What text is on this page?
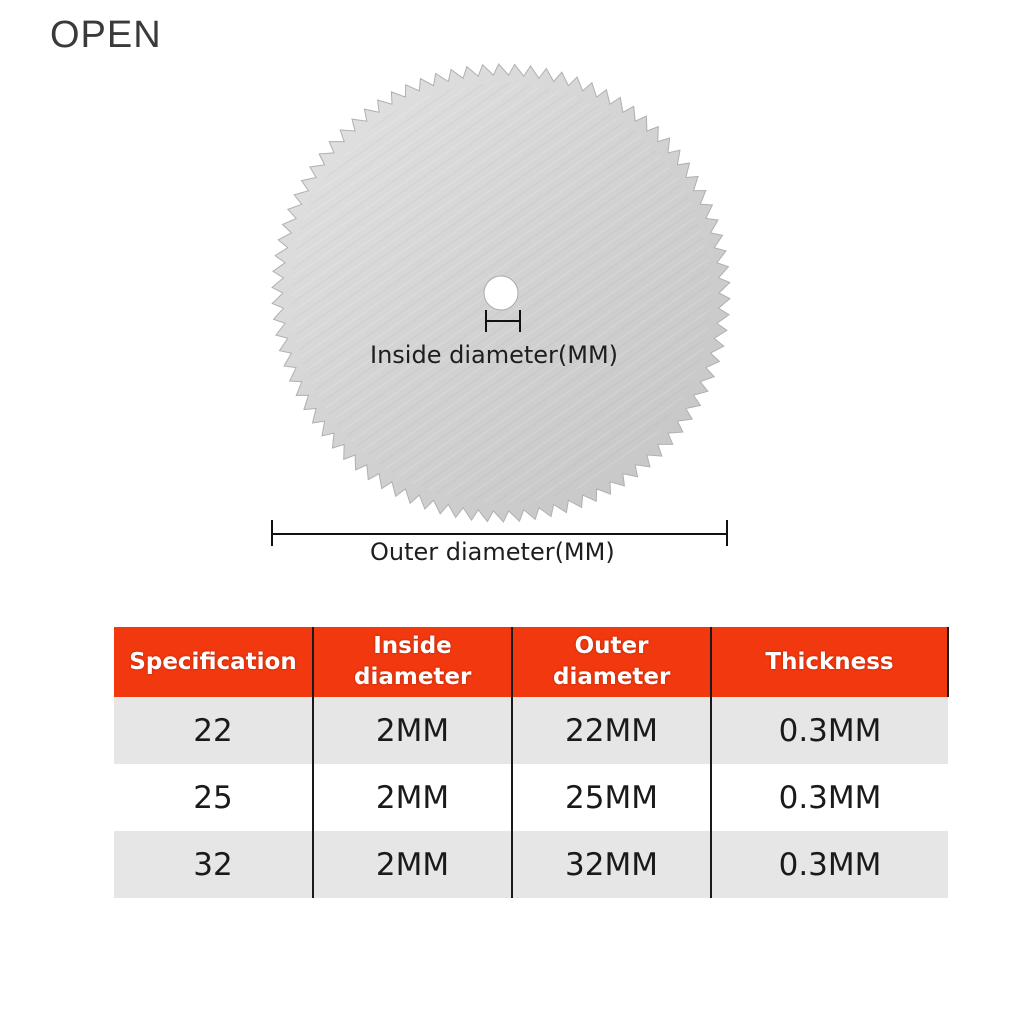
OPEN
Inside diameter(MM)
Outer diameter(MM)
Specification	Inside diameter	Outer diameter	Thickness
22	2MM	22MM	0.3MM
25	2MM	25MM	0.3MM
32	2MM	32MM	0.3MM
